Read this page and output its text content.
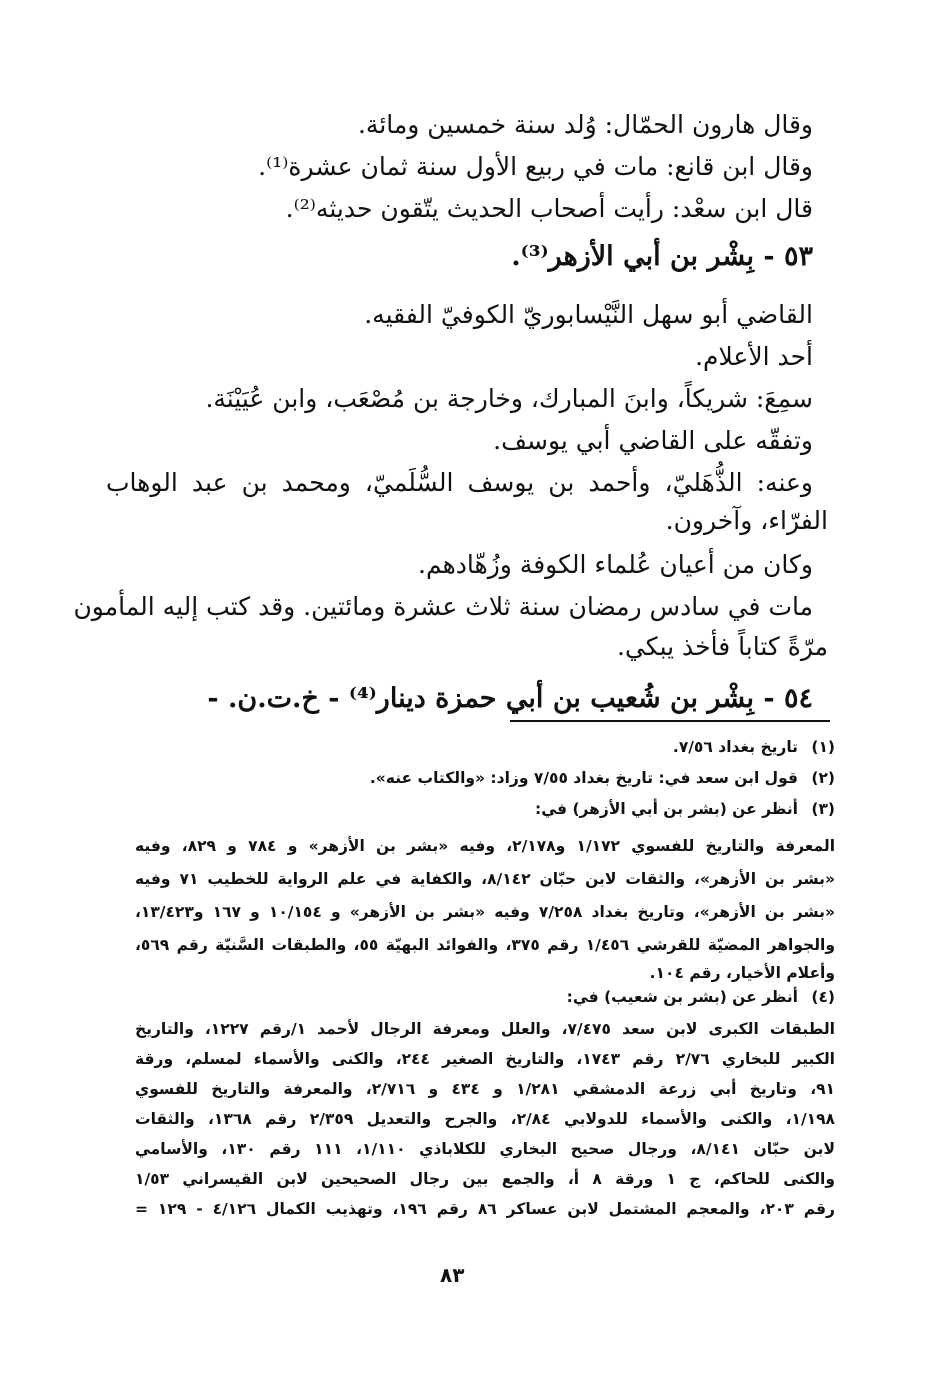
وقال هارون الحمّال: وُلد سنة خمسين ومائة.
وقال ابن قانع: مات في ربيع الأول سنة ثمان عشرة⁽¹⁾.
قال ابن سعْد: رأيت أصحاب الحديث يتّقون حديثه⁽²⁾.
٥٣ - بِشْر بن أبي الأزهر⁽³⁾.
القاضي أبو سهل النَّيْسابوريّ الكوفيّ الفقيه.
أحد الأعلام.
سمِعَ: شريكاً، وابنَ المبارك، وخارجة بن مُصْعَب، وابن عُيَيْنَة.
وتفقّه على القاضي أبي يوسف.
وعنه: الذُّهَليّ، وأحمد بن يوسف السُّلَميّ، ومحمد بن عبد الوهاب
الفرّاء، وآخرون.
وكان من أعيان عُلماء الكوفة وزُهّادهم.
مات في سادس رمضان سنة ثلاث عشرة ومائتين. وقد كتب إليه المأمون
مرّةً كتاباً فأخذ يبكي.
٥٤ - بِشْر بن شُعيب بن أبي حمزة دينار⁽⁴⁾ - خ.ت.ن. -
(١)
تاريخ بغداد ٧/٥٦.
(٢)
قول ابن سعد في: تاريخ بغداد ٧/٥٥ وزاد: «والكتاب عنه».
(٣)
أنظر عن (بشر بن أبي الأزهر) في:
المعرفة والتاريخ للفسوي ١/١٧٢ و٢/١٧٨، وفيه «بشر بن الأزهر» و ٧٨٤ و ٨٢٩، وفيه
«بشر بن الأزهر»، والثقات لابن حبّان ٨/١٤٢، والكفاية في علم الرواية للخطيب ٧١ وفيه
«بشر بن الأزهر»، وتاريخ بغداد ٧/٢٥٨ وفيه «بشر بن الأزهر» و ١٠/١٥٤ و ١٦٧ و١٣/٤٢٣،
والجواهر المضيّة للقرشي ١/٤٥٦ رقم ٣٧٥، والفوائد البهيّة ٥٥، والطبقات السَّنيّة رقم ٥٦٩،
وأعلام الأخيار، رقم ١٠٤.
(٤)
أنظر عن (بشر بن شعيب) في:
الطبقات الكبرى لابن سعد ٧/٤٧٥، والعلل ومعرفة الرجال لأحمد ١/رقم ١٢٢٧، والتاريخ
الكبير للبخاري ٢/٧٦ رقم ١٧٤٣، والتاريخ الصغير ٢٤٤، والكنى والأسماء لمسلم، ورقة
٩١، وتاريخ أبي زرعة الدمشقي ١/٢٨١ و ٤٣٤ و ٢/٧١٦، والمعرفة والتاريخ للفسوي
١/١٩٨، والكنى والأسماء للدولابي ٢/٨٤، والجرح والتعديل ٢/٣٥٩ رقم ١٣٦٨، والثقات
لابن حبّان ٨/١٤١، ورجال صحيح البخاري للكلاباذي ١/١١٠، ١١١ رقم ١٣٠، والأسامي
والكنى للحاكم، ج ١ ورقة ٨ أ، والجمع بين رجال الصحيحين لابن القيسراني ١/٥٣
رقم ٢٠٣، والمعجم المشتمل لابن عساكر ٨٦ رقم ١٩٦، وتهذيب الكمال ٤/١٢٦ - ١٢٩ =
٨٣
